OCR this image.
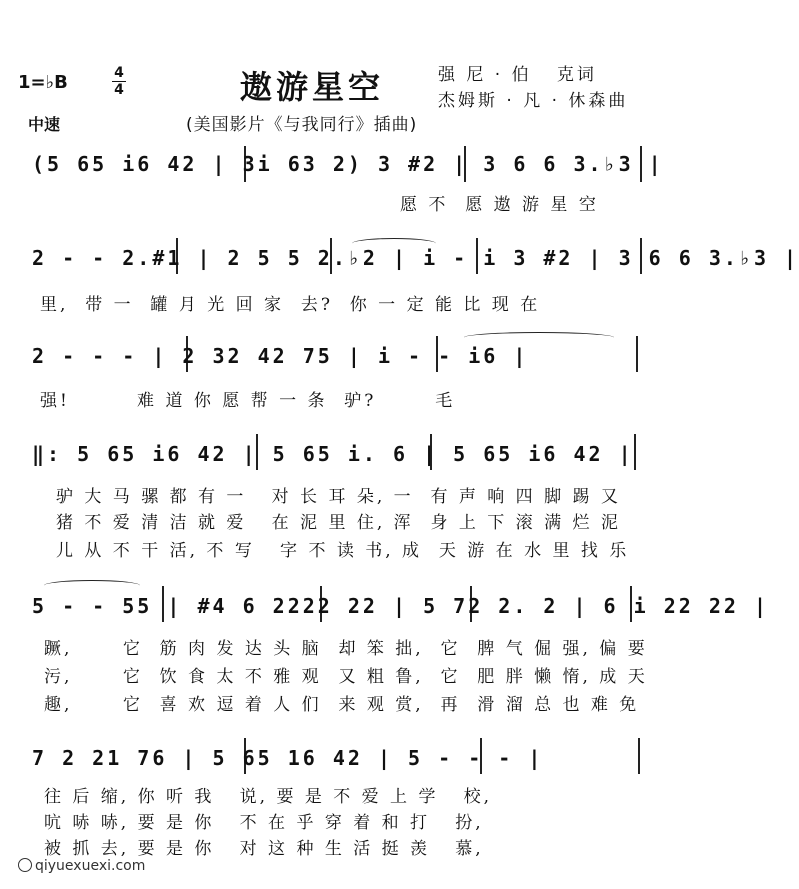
1=♭B	4
4	遨游星空	强 尼 · 伯   克词
杰姆斯 · 凡 · 休森曲
中速	(美国影片《与我同行》插曲)
(5 65 i6 42 | 3i 63 2) 3 #2 | 3 6 6 3.♭3 |
愿 不  愿 遨 游 星 空
2 - - 2.#1 | 2 5 5 2.♭2 | i - i 3 #2 | 3 6 6 3.♭3 |
里,  带 一  罐 月 光 回 家  去?  你 一 定 能 比 现 在
2 - - - | 2 32 42 75 | i - - i6 |
强!        难 道 你 愿 帮 一 条  驴?       毛
‖: 5 65 i6 42 | 5 65 i. 6 | 5 65 i6 42 |
驴 大 马 骡 都 有 一   对 长 耳 朵, 一  有 声 响 四 脚 踢 又
猪 不 爱 清 洁 就 爱   在 泥 里 住, 浑  身 上 下 滚 满 烂 泥
儿 从 不 干 活, 不 写   字 不 读 书, 成  天 游 在 水 里 找 乐
5 - - 55 | #4 6 2222 22 | 5 72 2. 2 | 6 i 22 22 |
蹶,      它  筋 肉 发 达 头 脑  却 笨 拙,  它  脾 气 倔 强, 偏 要
污,      它  饮 食 太 不 雅 观  又 粗 鲁,  它  肥 胖 懒 惰, 成 天
趣,      它  喜 欢 逗 着 人 们  来 观 赏,  再  滑 溜 总 也 难 免
7 2 21 76 | 5 65 16 42 | 5 - - - |
往 后 缩, 你 听 我   说, 要 是 不 爱 上 学   校,
吭 哧 哧, 要 是 你   不 在 乎 穿 着 和 打   扮,
被 抓 去, 要 是 你   对 这 种 生 活 挺 羡   慕,
qiyuexuexi.com
